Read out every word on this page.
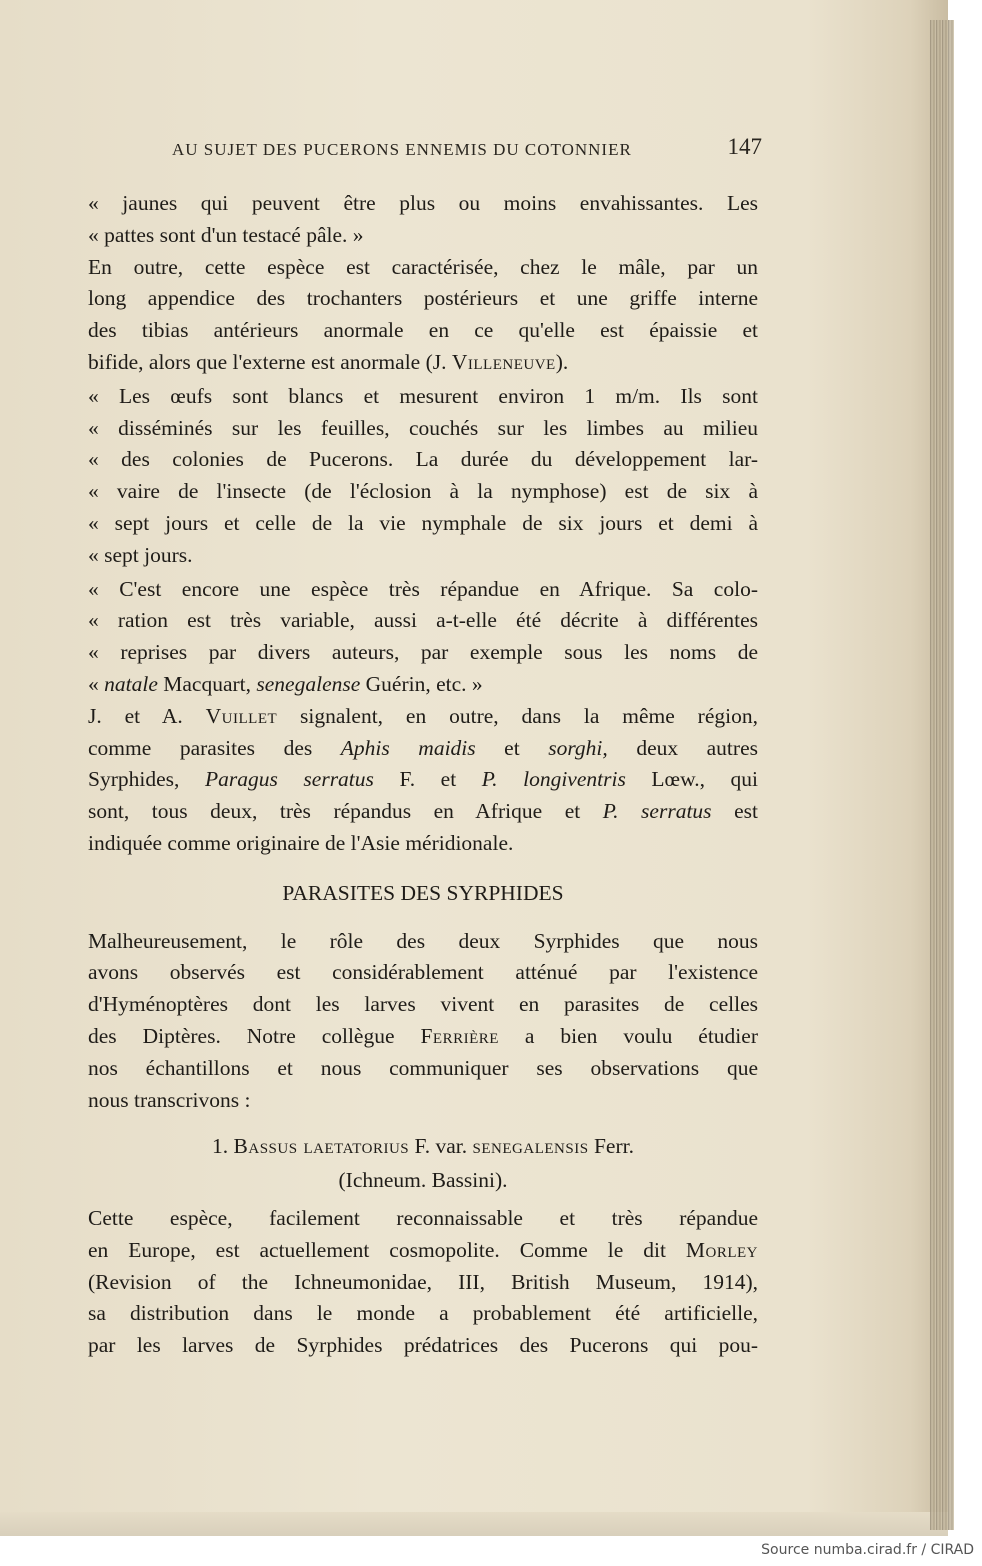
AU SUJET DES PUCERONS ENNEMIS DU COTONNIER	147
« jaunes qui peuvent être plus ou moins envahissantes. Les
« pattes sont d'un testacé pâle. »
En outre, cette espèce est caractérisée, chez le mâle, par un
long appendice des trochanters postérieurs et une griffe interne
des tibias antérieurs anormale en ce qu'elle est épaissie et
bifide, alors que l'externe est anormale (J. Villeneuve).
« Les œufs sont blancs et mesurent environ 1 m/m. Ils sont
« disséminés sur les feuilles, couchés sur les limbes au milieu
« des colonies de Pucerons. La durée du développement lar-
« vaire de l'insecte (de l'éclosion à la nymphose) est de six à
« sept jours et celle de la vie nymphale de six jours et demi à
« sept jours.
« C'est encore une espèce très répandue en Afrique. Sa colo-
« ration est très variable, aussi a-t-elle été décrite à différentes
« reprises par divers auteurs, par exemple sous les noms de
« natale Macquart, senegalense Guérin, etc. »
J. et A. Vuillet signalent, en outre, dans la même région,
comme parasites des Aphis maidis et sorghi, deux autres
Syrphides, Paragus serratus F. et P. longiventris Lœw., qui
sont, tous deux, très répandus en Afrique et P. serratus est
indiquée comme originaire de l'Asie méridionale.
PARASITES DES SYRPHIDES
Malheureusement, le rôle des deux Syrphides que nous
avons observés est considérablement atténué par l'existence
d'Hyménoptères dont les larves vivent en parasites de celles
des Diptères. Notre collègue Ferrière a bien voulu étudier
nos échantillons et nous communiquer ses observations que
nous transcrivons :
1. Bassus laetatorius F. var. senegalensis Ferr.
(Ichneum. Bassini).
Cette espèce, facilement reconnaissable et très répandue
en Europe, est actuellement cosmopolite. Comme le dit Morley
(Revision of the Ichneumonidae, III, British Museum, 1914),
sa distribution dans le monde a probablement été artificielle,
par les larves de Syrphides prédatrices des Pucerons qui pou-
Source numba.cirad.fr / CIRAD
